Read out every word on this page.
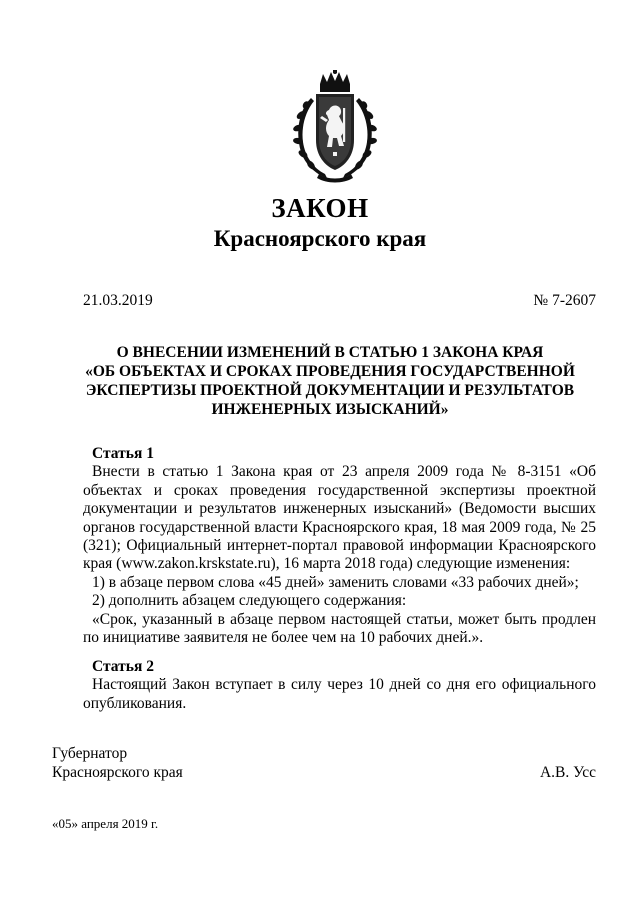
ЗАКОН
Красноярского края
21.03.2019	№ 7-2607
О ВНЕСЕНИИ ИЗМЕНЕНИЙ В СТАТЬЮ 1 ЗАКОНА КРАЯ
«ОБ ОБЪЕКТАХ И СРОКАХ ПРОВЕДЕНИЯ ГОСУДАРСТВЕННОЙ
ЭКСПЕРТИЗЫ ПРОЕКТНОЙ ДОКУМЕНТАЦИИ И РЕЗУЛЬТАТОВ
ИНЖЕНЕРНЫХ ИЗЫСКАНИЙ»
Статья 1

Внести в статью 1 Закона края от 23 апреля 2009 года № 8-3151 «Об объектах и сроках проведения государственной экспертизы проектной документации и результатов инженерных изысканий» (Ведомости высших органов государственной власти Красноярского края, 18 мая 2009 года, № 25 (321); Официальный интернет-портал правовой информации Красноярского края (www.zakon.krskstate.ru), 16 марта 2018 года) следующие изменения:

1) в абзаце первом слова «45 дней» заменить словами «33 рабочих дней»;

2) дополнить абзацем следующего содержания:

«Срок, указанный в абзаце первом настоящей статьи, может быть продлен по инициативе заявителя не более чем на 10 рабочих дней.».

Статья 2

Настоящий Закон вступает в силу через 10 дней со дня его официального опубликования.

Губернатор
Красноярского края	А.В. Усс
«05» апреля 2019 г.
